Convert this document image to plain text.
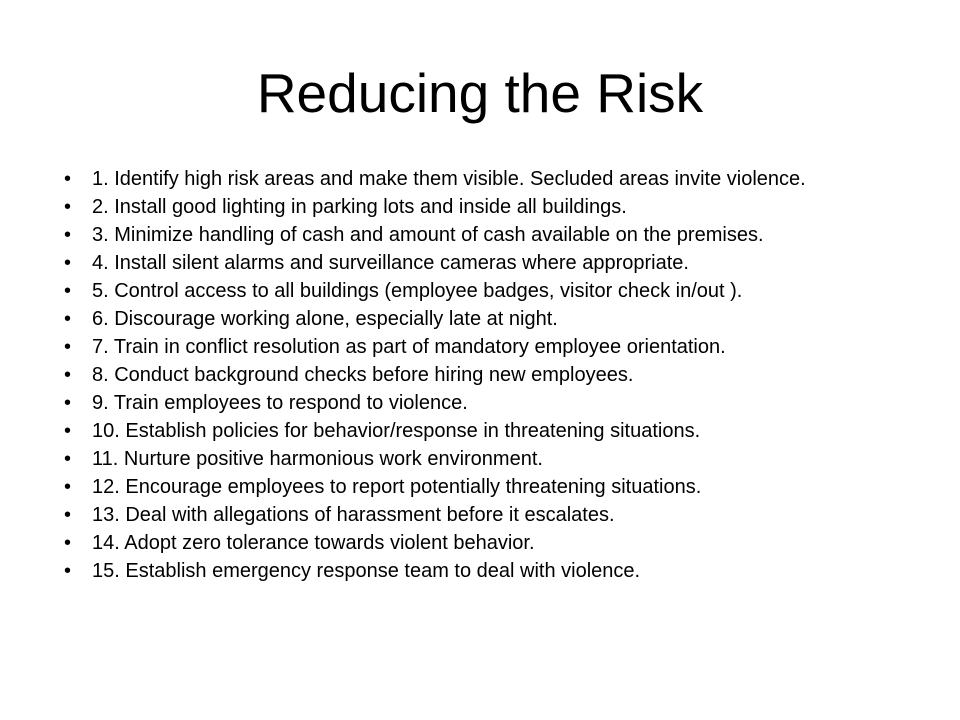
Reducing the Risk
•	1. Identify high risk areas and make them visible. Secluded areas invite violence.
•	2. Install good lighting in parking lots and inside all buildings.
•	3. Minimize handling of cash and amount of cash available on the premises.
•	4. Install silent alarms and surveillance cameras where appropriate.
•	5. Control access to all buildings (employee badges, visitor check in/out ).
•	6. Discourage working alone, especially late at night.
•	7. Train in conflict resolution as part of mandatory employee orientation.
•	8. Conduct background checks before hiring new employees.
•	9. Train employees to respond to violence.
•	10. Establish policies for behavior/response in threatening situations.
•	11. Nurture positive harmonious work environment.
•	12. Encourage employees to report potentially threatening situations.
•	13. Deal with allegations of harassment before it escalates.
•	14. Adopt zero tolerance towards violent behavior.
•	15. Establish emergency response team to deal with violence.
